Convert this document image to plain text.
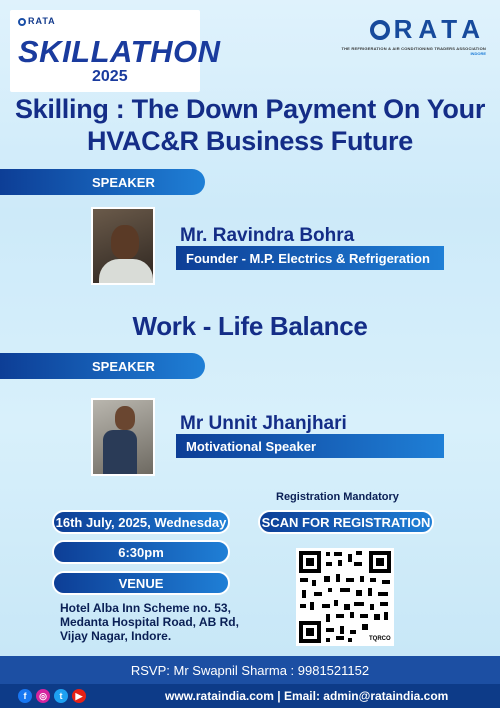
RATA
SKILLATHON
2025
RATA
THE REFRIGERATION & AIR CONDITIONING TRADERS ASSOCIATION
INDORE
Skilling : The Down Payment On Your
HVAC&R Business Future
SPEAKER
Mr. Ravindra Bohra
Founder - M.P. Electrics & Refrigeration
Work - Life Balance
SPEAKER
Mr Unnit Jhanjhari
Motivational Speaker
Registration Mandatory
16th July, 2025, Wednesday	SCAN FOR REGISTRATION
6:30pm
VENUE
Hotel Alba Inn Scheme no. 53,
Medanta Hospital Road, AB Rd,
Vijay Nagar, Indore.	TQRCO
RSVP: Mr Swapnil Sharma : 9981521152
f	◎	t	▶	www.rataindia.com | Email: admin@rataindia.com
